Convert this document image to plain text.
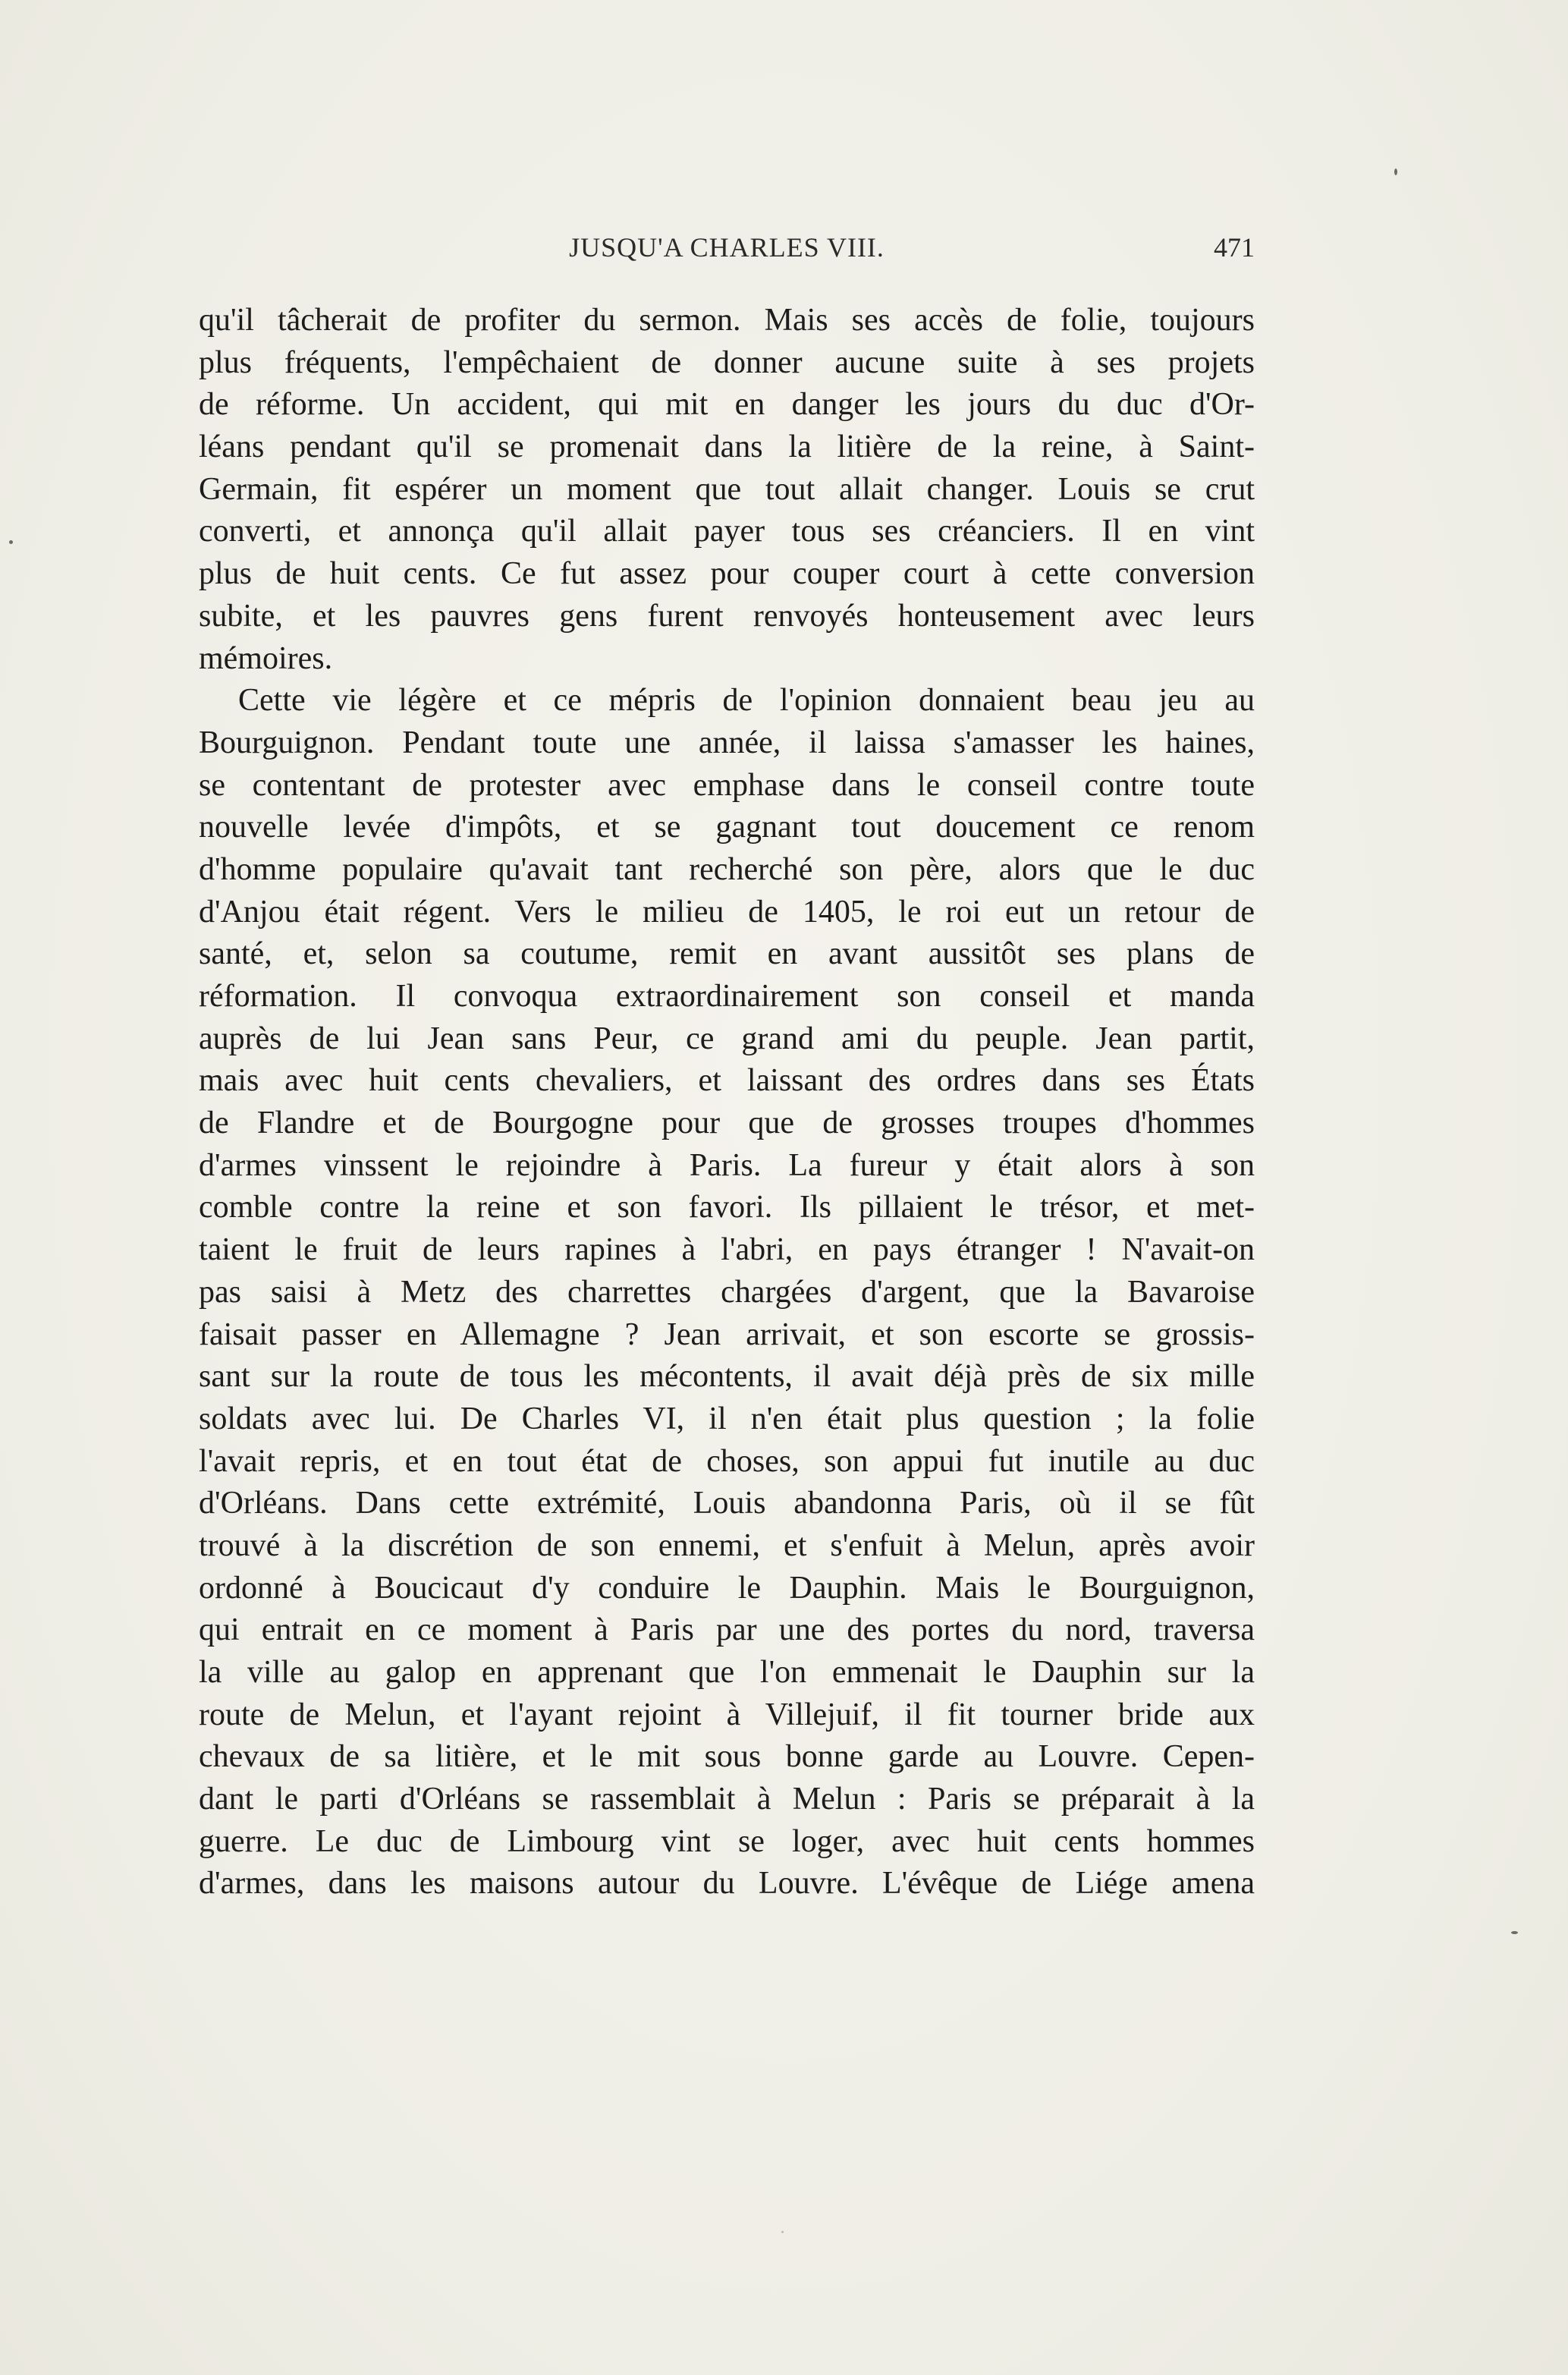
JUSQU'A CHARLES VIII.	471
qu'il tâcherait de profiter du sermon. Mais ses accès de folie, toujours
plus fréquents, l'empêchaient de donner aucune suite à ses projets
de réforme. Un accident, qui mit en danger les jours du duc d'Or-
léans pendant qu'il se promenait dans la litière de la reine, à Saint-
Germain, fit espérer un moment que tout allait changer. Louis se crut
converti, et annonça qu'il allait payer tous ses créanciers. Il en vint
plus de huit cents. Ce fut assez pour couper court à cette conversion
subite, et les pauvres gens furent renvoyés honteusement avec leurs
mémoires.
Cette vie légère et ce mépris de l'opinion donnaient beau jeu au
Bourguignon. Pendant toute une année, il laissa s'amasser les haines,
se contentant de protester avec emphase dans le conseil contre toute
nouvelle levée d'impôts, et se gagnant tout doucement ce renom
d'homme populaire qu'avait tant recherché son père, alors que le duc
d'Anjou était régent. Vers le milieu de 1405, le roi eut un retour de
santé, et, selon sa coutume, remit en avant aussitôt ses plans de
réformation. Il convoqua extraordinairement son conseil et manda
auprès de lui Jean sans Peur, ce grand ami du peuple. Jean partit,
mais avec huit cents chevaliers, et laissant des ordres dans ses États
de Flandre et de Bourgogne pour que de grosses troupes d'hommes
d'armes vinssent le rejoindre à Paris. La fureur y était alors à son
comble contre la reine et son favori. Ils pillaient le trésor, et met-
taient le fruit de leurs rapines à l'abri, en pays étranger ! N'avait-on
pas saisi à Metz des charrettes chargées d'argent, que la Bavaroise
faisait passer en Allemagne ? Jean arrivait, et son escorte se grossis-
sant sur la route de tous les mécontents, il avait déjà près de six mille
soldats avec lui. De Charles VI, il n'en était plus question ; la folie
l'avait repris, et en tout état de choses, son appui fut inutile au duc
d'Orléans. Dans cette extrémité, Louis abandonna Paris, où il se fût
trouvé à la discrétion de son ennemi, et s'enfuit à Melun, après avoir
ordonné à Boucicaut d'y conduire le Dauphin. Mais le Bourguignon,
qui entrait en ce moment à Paris par une des portes du nord, traversa
la ville au galop en apprenant que l'on emmenait le Dauphin sur la
route de Melun, et l'ayant rejoint à Villejuif, il fit tourner bride aux
chevaux de sa litière, et le mit sous bonne garde au Louvre. Cepen-
dant le parti d'Orléans se rassemblait à Melun : Paris se préparait à la
guerre. Le duc de Limbourg vint se loger, avec huit cents hommes
d'armes, dans les maisons autour du Louvre. L'évêque de Liége amena
